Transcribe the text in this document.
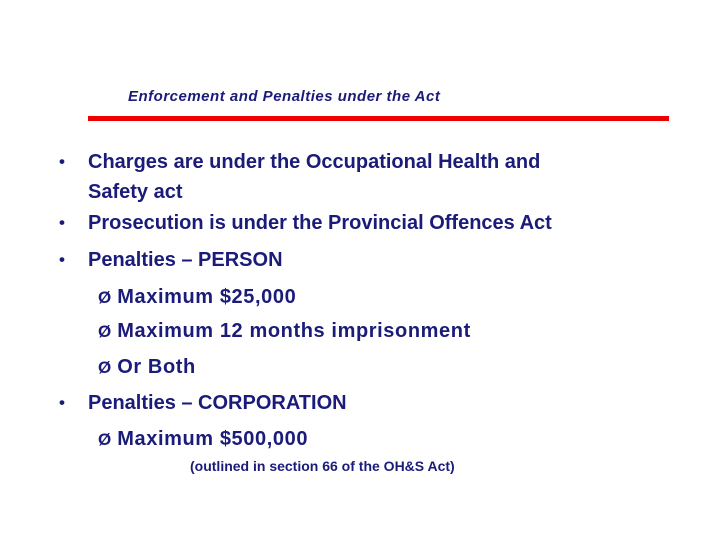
Enforcement and Penalties under the Act
• Charges are under the Occupational Health and
Safety act
• Prosecution is under the Provincial Offences Act
• Penalties – PERSON
Ø Maximum $25,000
Ø Maximum 12 months imprisonment
Ø Or Both
• Penalties – CORPORATION
Ø Maximum $500,000
(outlined in section 66 of the OH&S Act)
